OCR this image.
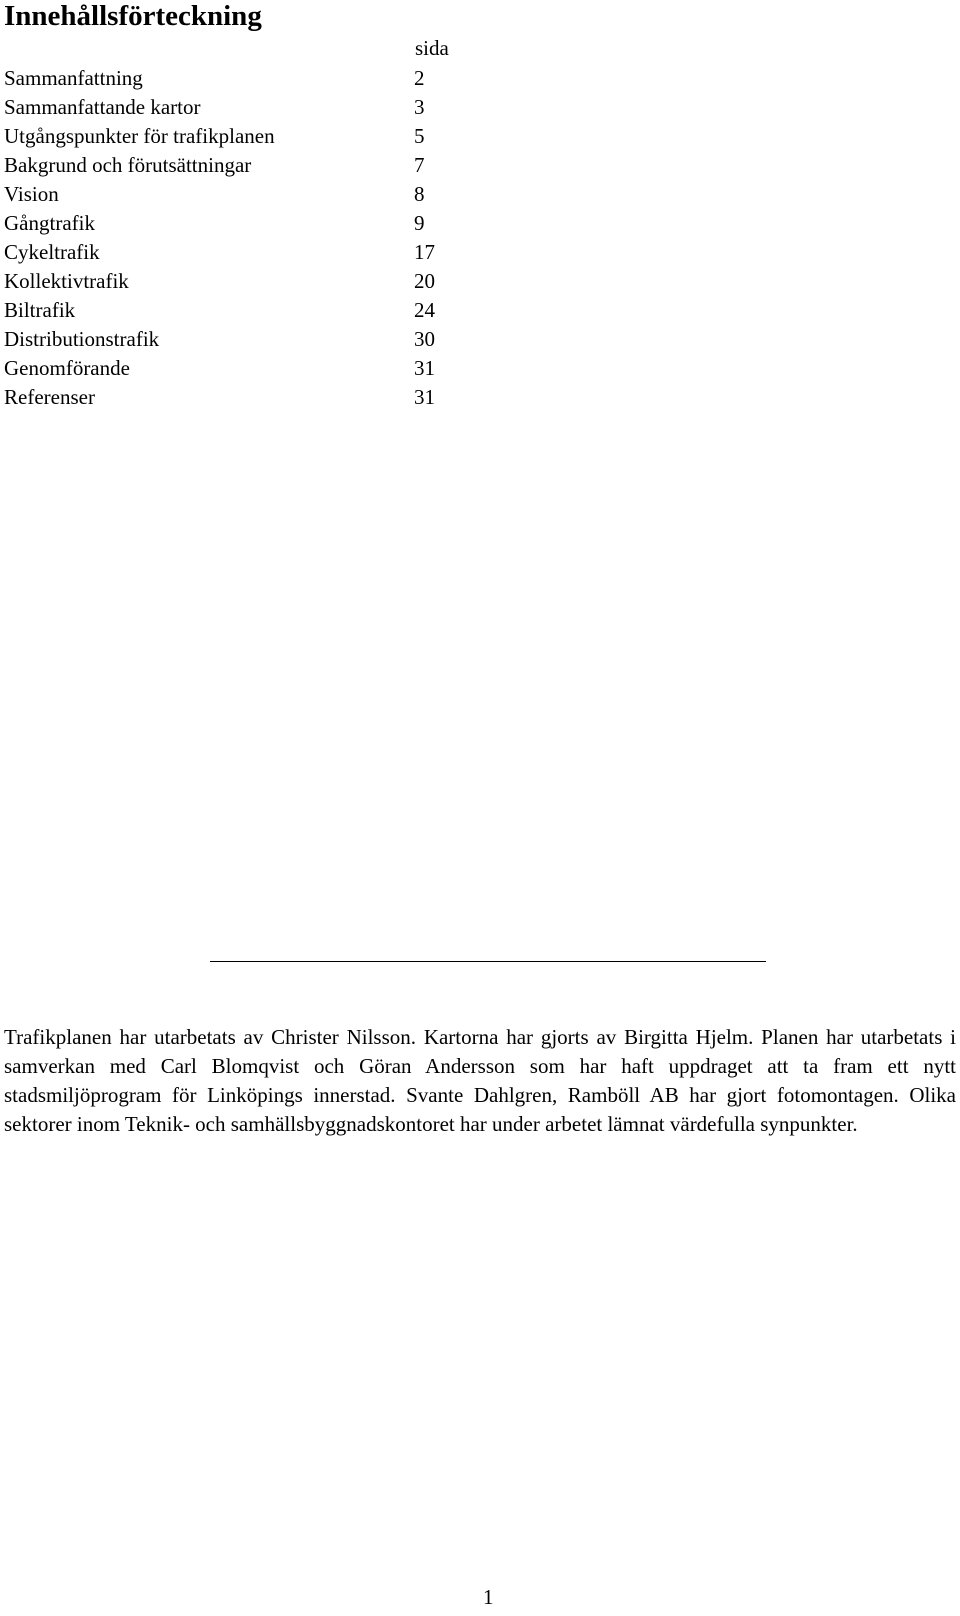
Innehållsförteckning
sida
Sammanfattning	2
Sammanfattande kartor	3
Utgångspunkter för trafikplanen	5
Bakgrund och förutsättningar	7
Vision	8
Gångtrafik	9
Cykeltrafik	17
Kollektivtrafik	20
Biltrafik	24
Distributionstrafik	30
Genomförande	31
Referenser	31

Trafikplanen har utarbetats av Christer Nilsson. Kartorna har gjorts av Birgitta Hjelm. Planen har utarbetats i samverkan med Carl Blomqvist och Göran Andersson som har haft uppdraget att ta fram ett nytt stadsmiljöprogram för Linköpings innerstad. Svante Dahlgren, Ramböll AB har gjort fotomontagen. Olika sektorer inom Teknik- och samhällsbyggnadskontoret har under arbetet lämnat värdefulla synpunkter.

1
